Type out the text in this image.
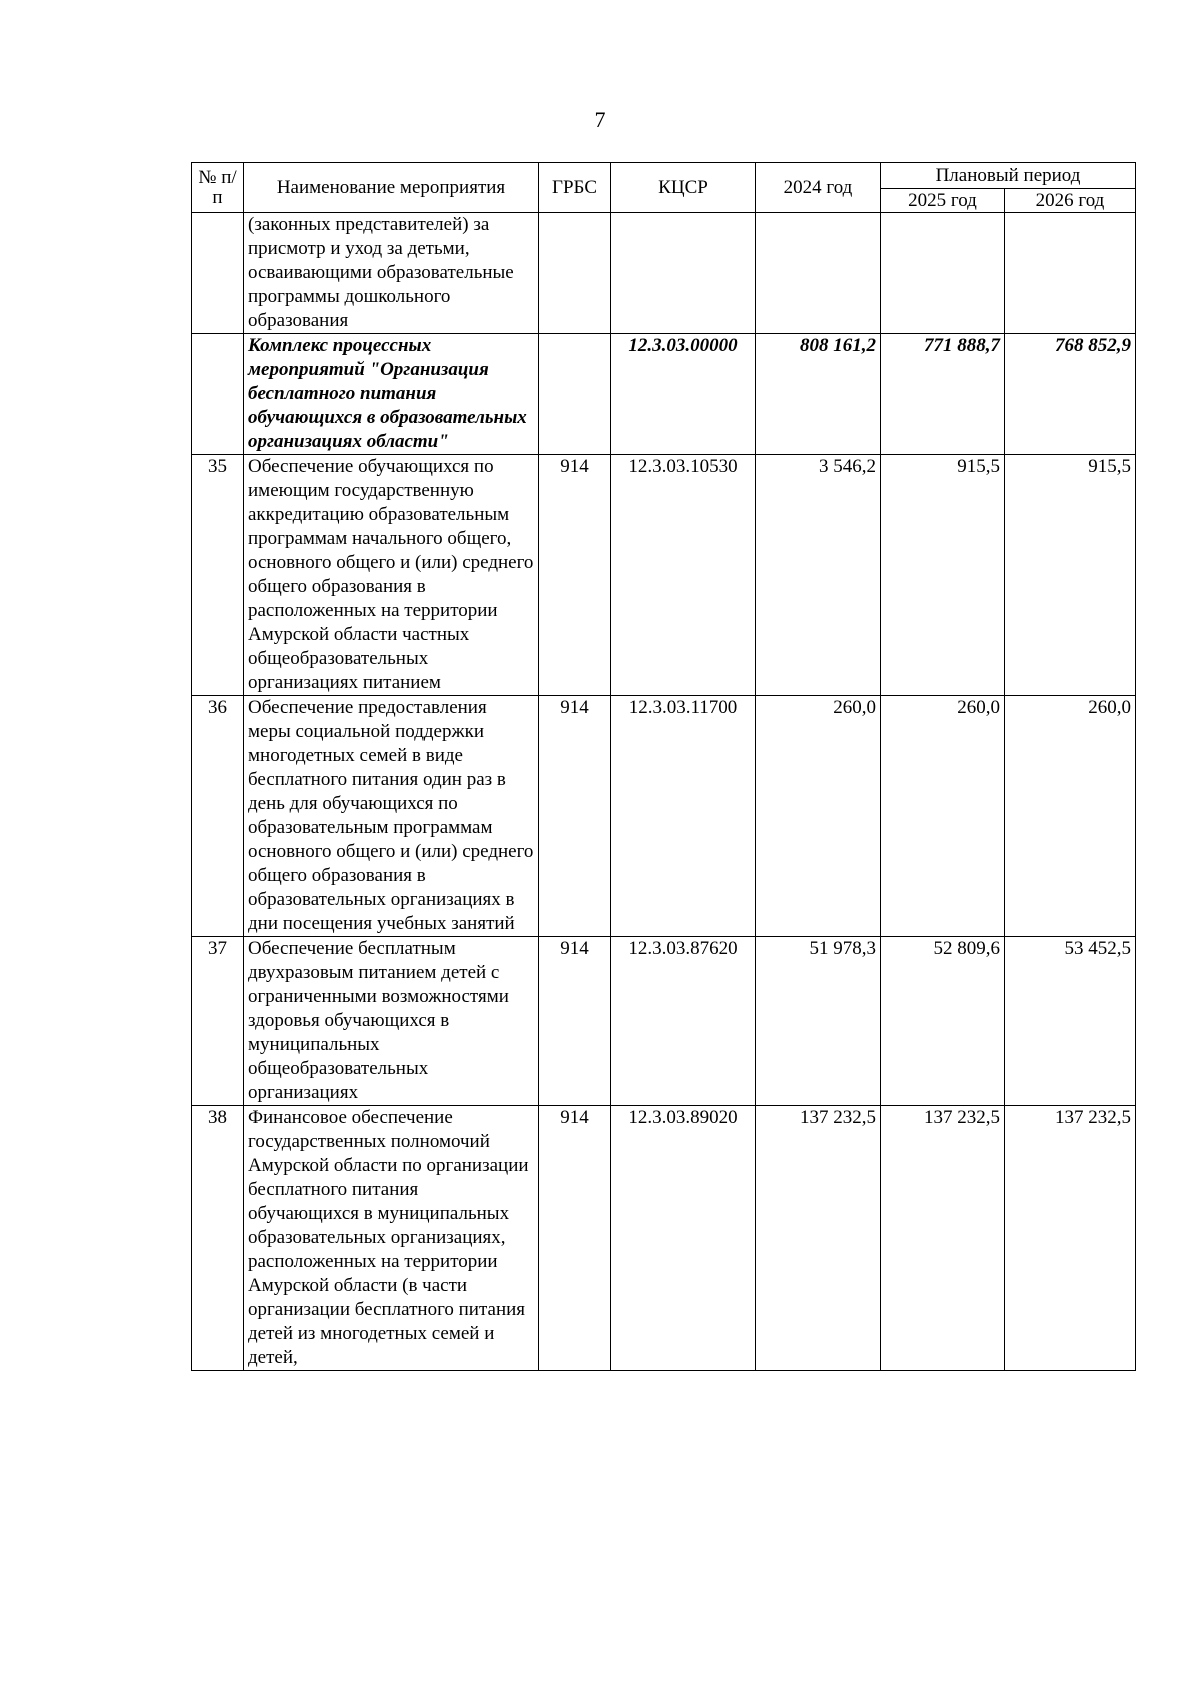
7
№ п/п	Наименование мероприятия	ГРБС	КЦСР	2024 год	Плановый период	
					2025 год	2026 год
	(законных представителей) за присмотр и уход за детьми, осваивающими образовательные программы дошкольного образования					
	Комплекс процессных мероприятий "Организация бесплатного питания обучающихся в образовательных организациях области"		12.3.03.00000	808 161,2	771 888,7	768 852,9
35	Обеспечение обучающихся по имеющим государственную аккредитацию образовательным программам начального общего, основного общего и (или) среднего общего образования в расположенных на территории Амурской области частных общеобразовательных организациях питанием	914	12.3.03.10530	3 546,2	915,5	915,5
36	Обеспечение предоставления меры социальной поддержки многодетных семей в виде бесплатного питания один раз в день для обучающихся по образовательным программам основного общего и (или) среднего общего образования в образовательных организациях в дни посещения учебных занятий	914	12.3.03.11700	260,0	260,0	260,0
37	Обеспечение бесплатным двухразовым питанием детей с ограниченными возможностями здоровья обучающихся в муниципальных общеобразовательных организациях	914	12.3.03.87620	51 978,3	52 809,6	53 452,5
38	Финансовое обеспечение государственных полномочий Амурской области по организации бесплатного питания обучающихся в муниципальных образовательных организациях, расположенных на территории Амурской области (в части организации бесплатного питания детей из многодетных семей и детей,	914	12.3.03.89020	137 232,5	137 232,5	137 232,5
